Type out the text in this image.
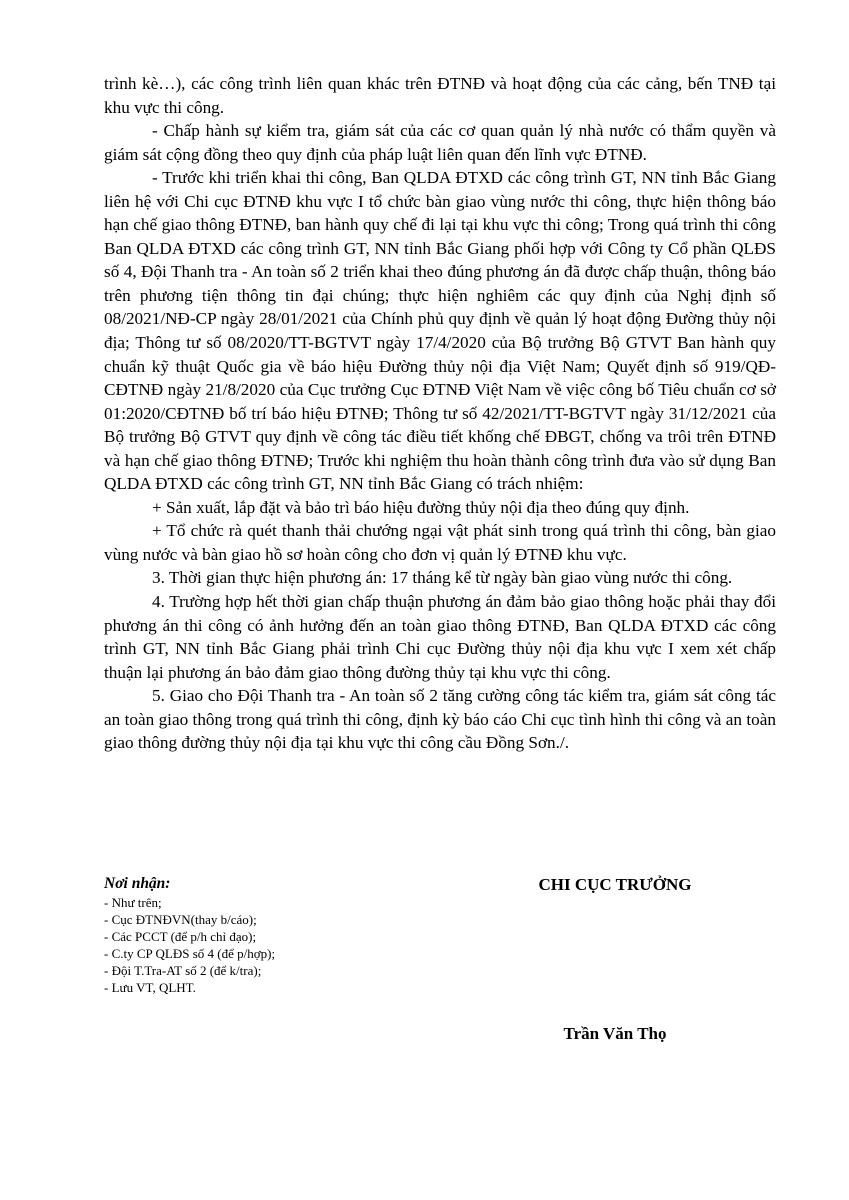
trình kè…), các công trình liên quan khác trên ĐTNĐ và hoạt động của các cảng, bến TNĐ tại khu vực thi công.

- Chấp hành sự kiểm tra, giám sát của các cơ quan quản lý nhà nước có thẩm quyền và giám sát cộng đồng theo quy định của pháp luật liên quan đến lĩnh vực ĐTNĐ.

- Trước khi triển khai thi công, Ban QLDA ĐTXD các công trình GT, NN tỉnh Bắc Giang liên hệ với Chi cục ĐTNĐ khu vực I tổ chức bàn giao vùng nước thi công, thực hiện thông báo hạn chế giao thông ĐTNĐ, ban hành quy chế đi lại tại khu vực thi công; Trong quá trình thi công Ban QLDA ĐTXD các công trình GT, NN tỉnh Bắc Giang phối hợp với Công ty Cổ phần QLĐS số 4, Đội Thanh tra - An toàn số 2 triển khai theo đúng phương án đã được chấp thuận, thông báo trên phương tiện thông tin đại chúng; thực hiện nghiêm các quy định của Nghị định số 08/2021/NĐ-CP ngày 28/01/2021 của Chính phủ quy định về quản lý hoạt động Đường thủy nội địa; Thông tư số 08/2020/TT-BGTVT ngày 17/4/2020 của Bộ trưởng Bộ GTVT Ban hành quy chuẩn kỹ thuật Quốc gia về báo hiệu Đường thủy nội địa Việt Nam; Quyết định số 919/QĐ-CĐTNĐ ngày 21/8/2020 của Cục trưởng Cục ĐTNĐ Việt Nam về việc công bố Tiêu chuẩn cơ sở 01:2020/CĐTNĐ bố trí báo hiệu ĐTNĐ; Thông tư số 42/2021/TT-BGTVT ngày 31/12/2021 của Bộ trưởng Bộ GTVT quy định về công tác điều tiết khống chế ĐBGT, chống va trôi trên ĐTNĐ và hạn chế giao thông ĐTNĐ; Trước khi nghiệm thu hoàn thành công trình đưa vào sử dụng Ban QLDA ĐTXD các công trình GT, NN tỉnh Bắc Giang có trách nhiệm:

+ Sản xuất, lắp đặt và bảo trì báo hiệu đường thủy nội địa theo đúng quy định.

+ Tổ chức rà quét thanh thải chướng ngại vật phát sinh trong quá trình thi công, bàn giao vùng nước và bàn giao hồ sơ hoàn công cho đơn vị quản lý ĐTNĐ khu vực.

3. Thời gian thực hiện phương án: 17 tháng kể từ ngày bàn giao vùng nước thi công.

4. Trường hợp hết thời gian chấp thuận phương án đảm bảo giao thông hoặc phải thay đổi phương án thi công có ảnh hưởng đến an toàn giao thông ĐTNĐ, Ban QLDA ĐTXD các công trình GT, NN tỉnh Bắc Giang phải trình Chi cục Đường thủy nội địa khu vực I xem xét chấp thuận lại phương án bảo đảm giao thông đường thủy tại khu vực thi công.

5. Giao cho Đội Thanh tra - An toàn số 2 tăng cường công tác kiểm tra, giám sát công tác an toàn giao thông trong quá trình thi công, định kỳ báo cáo Chi cục tình hình thi công và an toàn giao thông đường thủy nội địa tại khu vực thi công cầu Đồng Sơn./.

Nơi nhận:
- Như trên;
- Cục ĐTNĐVN(thay b/cáo);
- Các PCCT (để p/h chỉ đạo);
- C.ty CP QLĐS số 4 (để p/hợp);
- Đội T.Tra-AT số 2 (để k/tra);
- Lưu VT, QLHT.
CHI CỤC TRƯỞNG
Trần Văn Thọ
